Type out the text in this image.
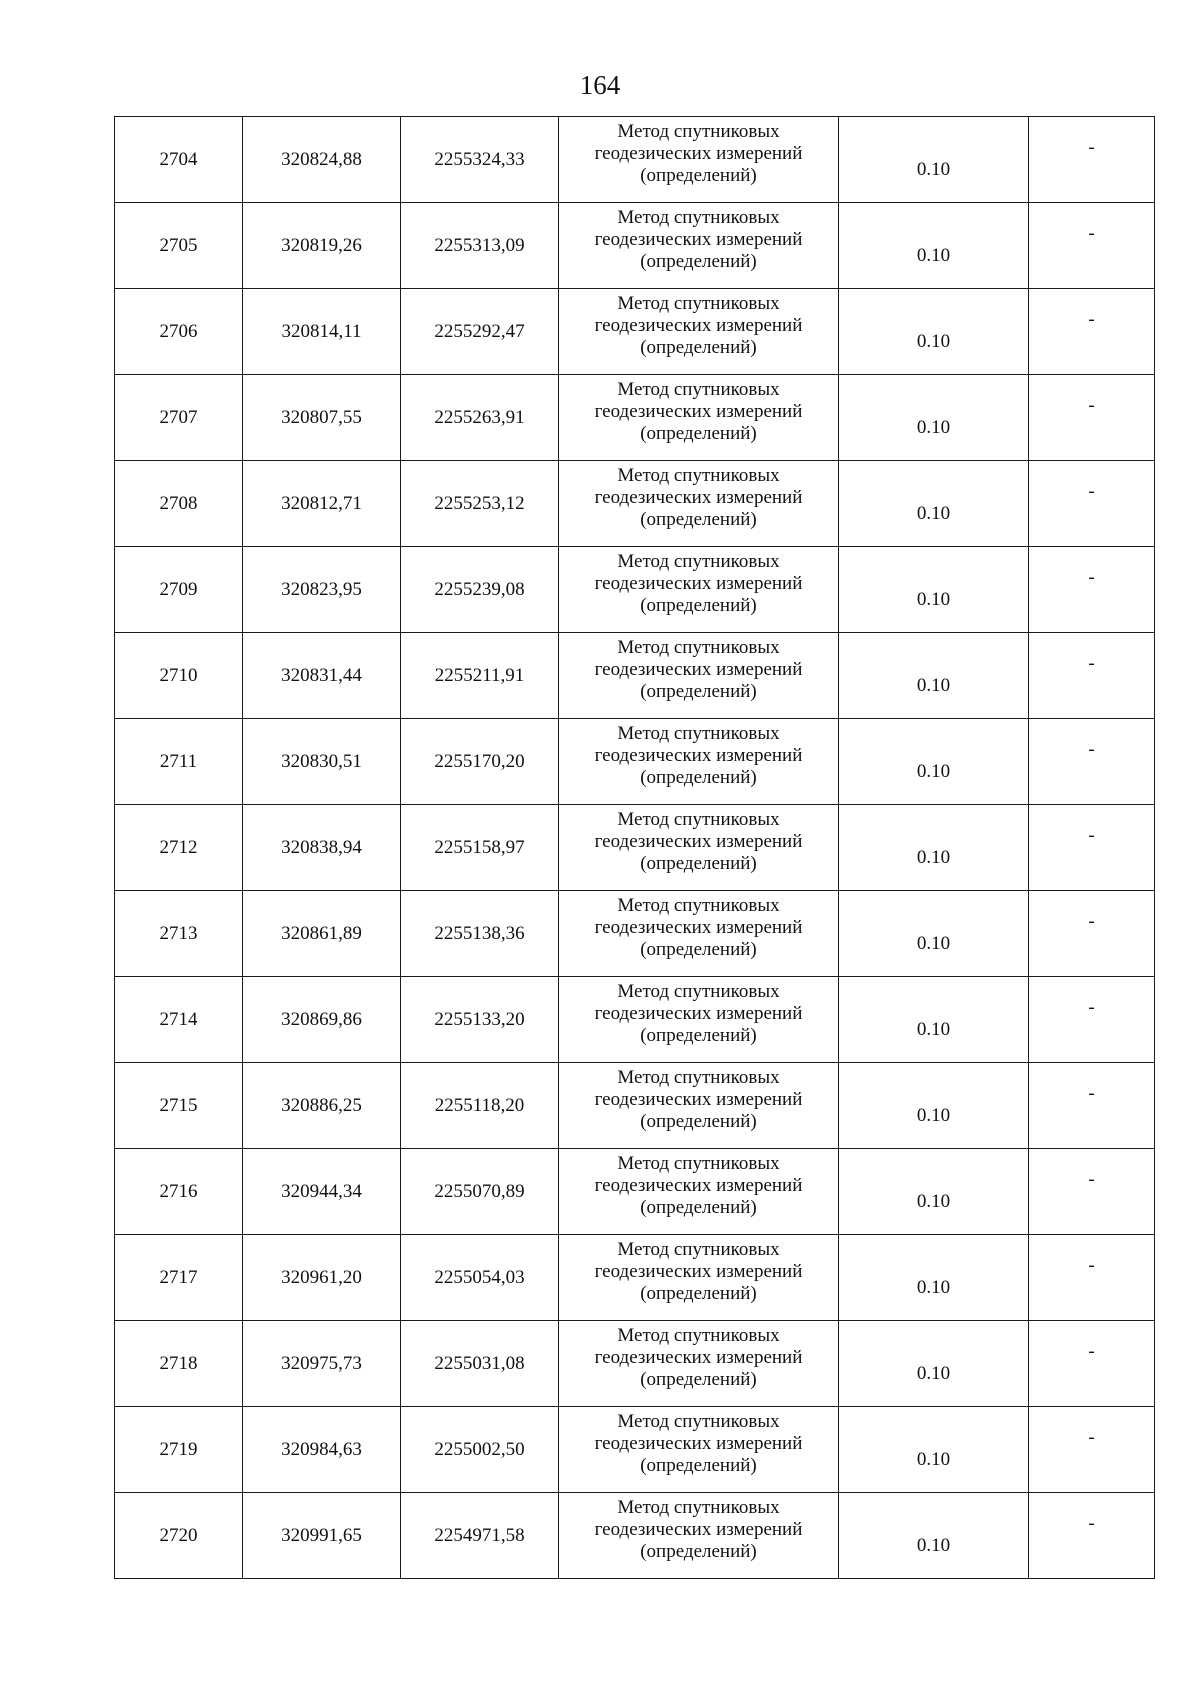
164
2704	320824,88	2255324,33	Метод спутниковых
геодезических измерений
(определений)	0.10	-
2705	320819,26	2255313,09	Метод спутниковых
геодезических измерений
(определений)	0.10	-
2706	320814,11	2255292,47	Метод спутниковых
геодезических измерений
(определений)	0.10	-
2707	320807,55	2255263,91	Метод спутниковых
геодезических измерений
(определений)	0.10	-
2708	320812,71	2255253,12	Метод спутниковых
геодезических измерений
(определений)	0.10	-
2709	320823,95	2255239,08	Метод спутниковых
геодезических измерений
(определений)	0.10	-
2710	320831,44	2255211,91	Метод спутниковых
геодезических измерений
(определений)	0.10	-
2711	320830,51	2255170,20	Метод спутниковых
геодезических измерений
(определений)	0.10	-
2712	320838,94	2255158,97	Метод спутниковых
геодезических измерений
(определений)	0.10	-
2713	320861,89	2255138,36	Метод спутниковых
геодезических измерений
(определений)	0.10	-
2714	320869,86	2255133,20	Метод спутниковых
геодезических измерений
(определений)	0.10	-
2715	320886,25	2255118,20	Метод спутниковых
геодезических измерений
(определений)	0.10	-
2716	320944,34	2255070,89	Метод спутниковых
геодезических измерений
(определений)	0.10	-
2717	320961,20	2255054,03	Метод спутниковых
геодезических измерений
(определений)	0.10	-
2718	320975,73	2255031,08	Метод спутниковых
геодезических измерений
(определений)	0.10	-
2719	320984,63	2255002,50	Метод спутниковых
геодезических измерений
(определений)	0.10	-
2720	320991,65	2254971,58	Метод спутниковых
геодезических измерений
(определений)	0.10	-
